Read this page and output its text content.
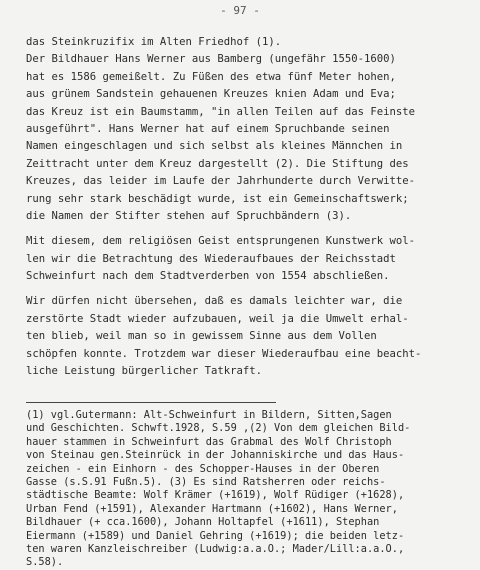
- 97 -
das Steinkruzifix im Alten Friedhof (1).
Der Bildhauer Hans Werner aus Bamberg (ungefähr 1550-1600)
hat es 1586 gemeißelt. Zu Füßen des etwa fünf Meter hohen,
aus grünem Sandstein gehauenen Kreuzes knien Adam und Eva;
das Kreuz ist ein Baumstamm, "in allen Teilen auf das Feinste
ausgeführt". Hans Werner hat auf einem Spruchbande seinen
Namen eingeschlagen und sich selbst als kleines Männchen in
Zeittracht unter dem Kreuz dargestellt (2). Die Stiftung des
Kreuzes, das leider im Laufe der Jahrhunderte durch Verwitte-
rung sehr stark beschädigt wurde, ist ein Gemeinschaftswerk;
die Namen der Stifter stehen auf Spruchbändern (3).
Mit diesem, dem religiösen Geist entsprungenen Kunstwerk wol-
len wir die Betrachtung des Wiederaufbaues der Reichsstadt
Schweinfurt nach dem Stadtverderben von 1554 abschließen.
Wir dürfen nicht übersehen, daß es damals leichter war, die
zerstörte Stadt wieder aufzubauen, weil ja die Umwelt erhal-
ten blieb, weil man so in gewissem Sinne aus dem Vollen
schöpfen konnte. Trotzdem war dieser Wiederaufbau eine beacht-
liche Leistung bürgerlicher Tatkraft.
(1) vgl.Gutermann: Alt-Schweinfurt in Bildern, Sitten,Sagen
und Geschichten. Schwft.1928, S.59 ,(2) Von dem gleichen Bild-
hauer stammen in Schweinfurt das Grabmal des Wolf Christoph
von Steinau gen.Steinrück in der Johanniskirche und das Haus-
zeichen - ein Einhorn - des Schopper-Hauses in der Oberen
Gasse (s.S.91 Fußn.5). (3) Es sind Ratsherren oder reichs-
städtische Beamte: Wolf Krämer (+1619), Wolf Rüdiger (+1628),
Urban Fend (+1591), Alexander Hartmann (+1602), Hans Werner,
Bildhauer (+ cca.1600), Johann Holtapfel (+1611), Stephan
Eiermann (+1589) und Daniel Gehring (+1619); die beiden letz-
ten waren Kanzleischreiber (Ludwig:a.a.O.; Mader/Lill:a.a.O.,
S.58).
